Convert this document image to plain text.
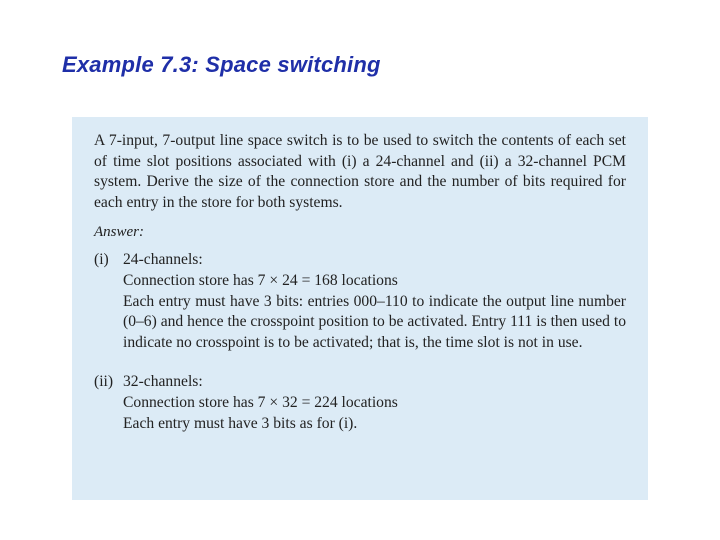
Example 7.3: Space switching

A 7-input, 7-output line space switch is to be used to switch the contents of each set of time slot positions associated with (i) a 24-channel and (ii) a 32-channel PCM system. Derive the size of the connection store and the number of bits required for each entry in the store for both systems.

Answer:
(i) 24-channels:
Connection store has 7 × 24 = 168 locations
Each entry must have 3 bits: entries 000–110 to indicate the output line number (0–6) and hence the crosspoint position to be activated. Entry 111 is then used to indicate no crosspoint is to be activated; that is, the time slot is not in use.
(ii) 32-channels:
Connection store has 7 × 32 = 224 locations
Each entry must have 3 bits as for (i).
